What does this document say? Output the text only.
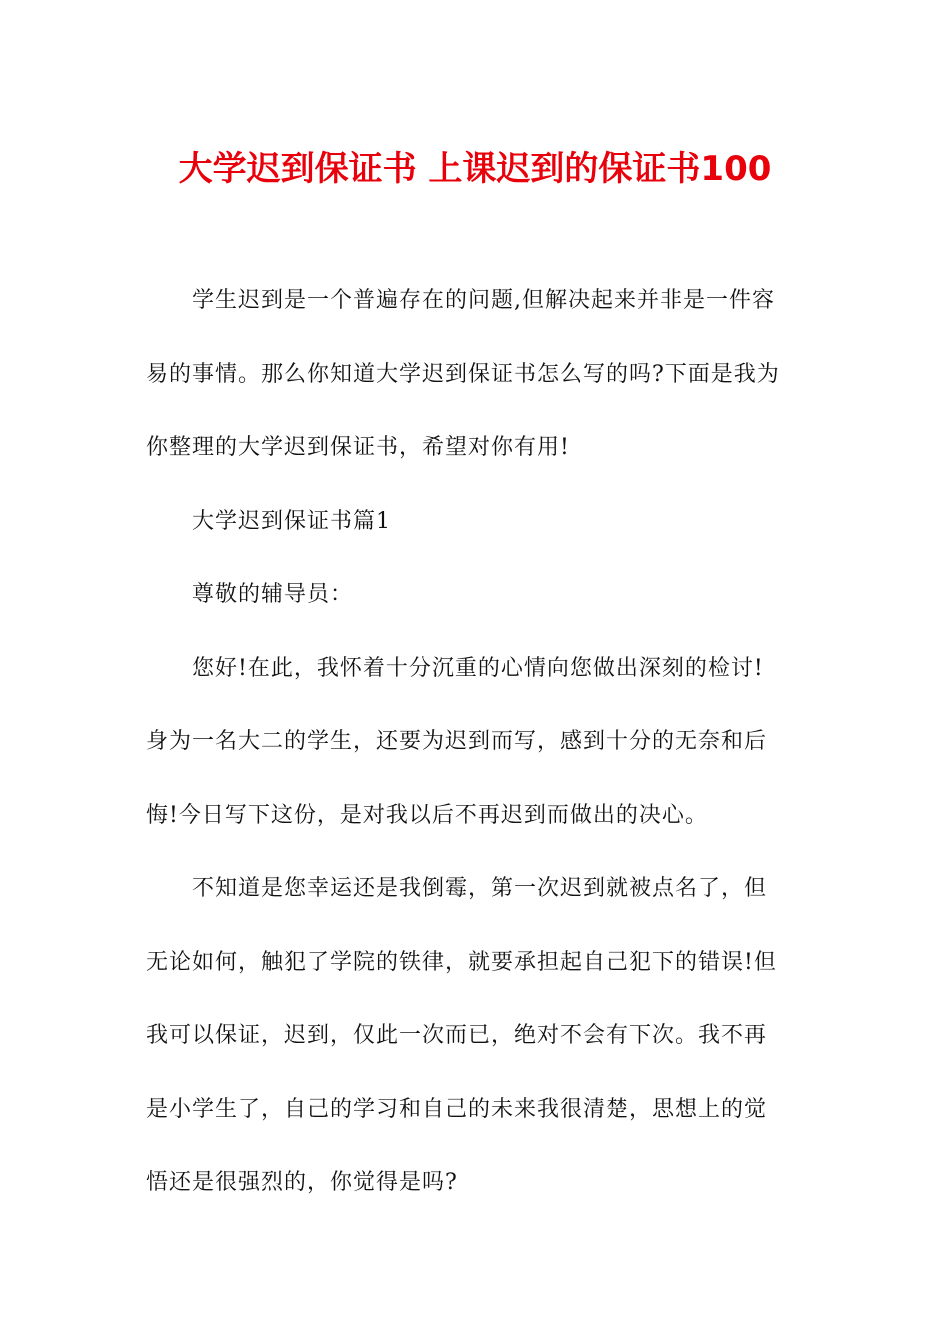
大学迟到保证书 上课迟到的保证书100

学生迟到是一个普遍存在的问题,但解决起来并非是一件容
易的事情。那么你知道大学迟到保证书怎么写的吗?下面是我为
你整理的大学迟到保证书，希望对你有用!

大学迟到保证书篇1

尊敬的辅导员：

您好!在此，我怀着十分沉重的心情向您做出深刻的检讨!
身为一名大二的学生，还要为迟到而写，感到十分的无奈和后
悔!今日写下这份，是对我以后不再迟到而做出的决心。

不知道是您幸运还是我倒霉，第一次迟到就被点名了，但
无论如何，触犯了学院的铁律，就要承担起自己犯下的错误!但
我可以保证，迟到，仅此一次而已，绝对不会有下次。我不再
是小学生了，自己的学习和自己的未来我很清楚，思想上的觉
悟还是很强烈的，你觉得是吗?
